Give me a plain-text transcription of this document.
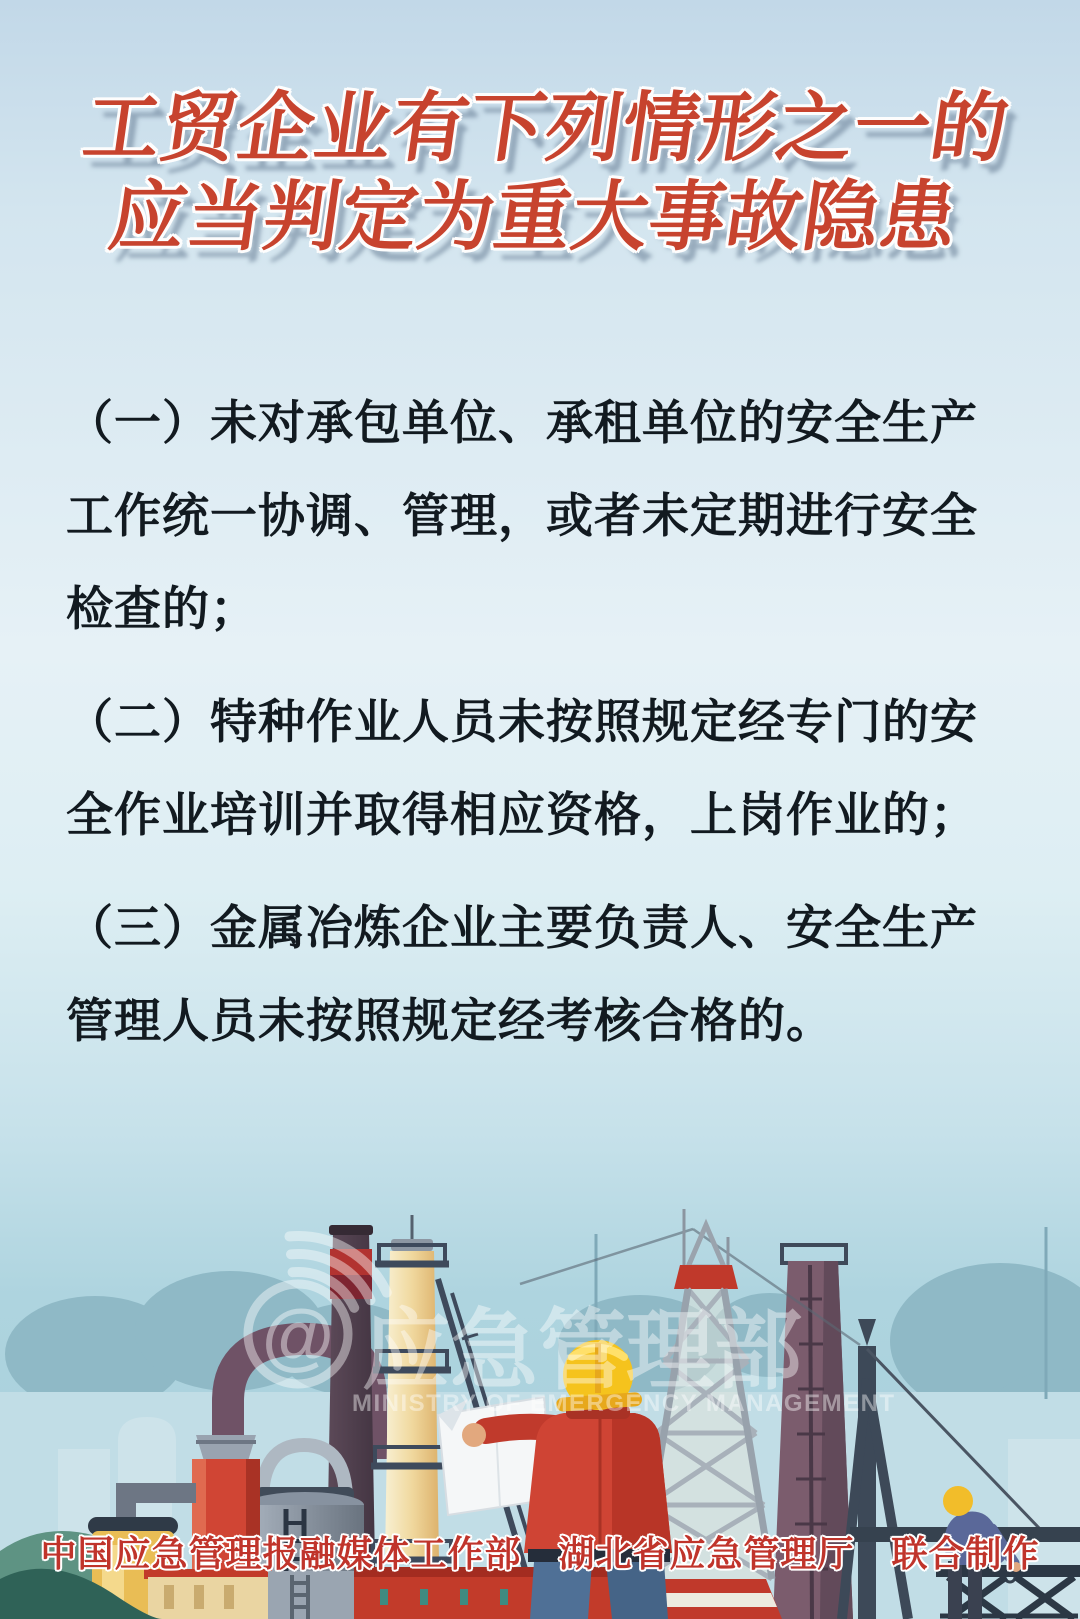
工贸企业有下列情形之一的
应当判定为重大事故隐患

（一）未对承包单位、承租单位的安全生产
工作统一协调、管理，或者未定期进行安全
检查的；

（二）特种作业人员未按照规定经专门的安
全作业培训并取得相应资格，上岗作业的；

（三）金属冶炼企业主要负责人、安全生产
管理人员未按照规定经考核合格的。

@ 应急管理部
MINISTRY OF EMERGENCY MANAGEMENT
中国应急管理报融媒体工作部　湖北省应急管理厅　联合制作
